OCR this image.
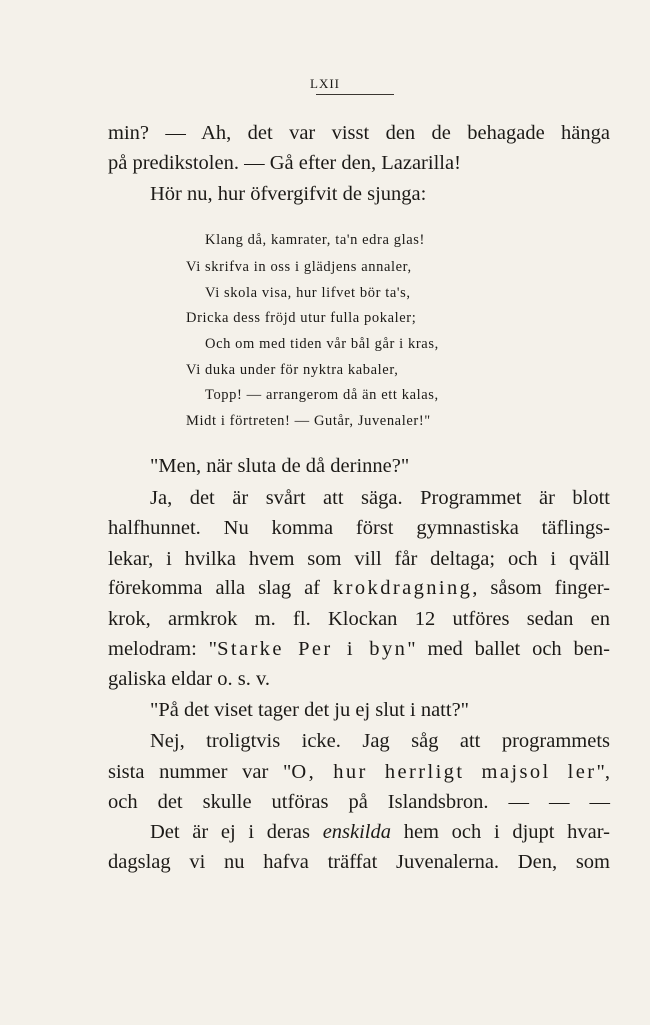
LXII
min? — Ah, det var visst den de behagade hänga
på predikstolen. — Gå efter den, Lazarilla!
Hör nu, hur öfvergifvit de sjunga:
Klang då, kamrater, ta'n edra glas!
Vi skrifva in oss i glädjens annaler,
Vi skola visa, hur lifvet bör ta's,
Dricka dess fröjd utur fulla pokaler;
Och om med tiden vår bål går i kras,
Vi duka under för nyktra kabaler,
Topp! — arrangerom då än ett kalas,
Midt i förtreten! — Gutår, Juvenaler!"
"Men, när sluta de då derinne?"
Ja, det är svårt att säga. Programmet är blott
halfhunnet. Nu komma först gymnastiska täflings-
lekar, i hvilka hvem som vill får deltaga; och i qväll
förekomma alla slag af krokdragning, såsom finger-
krok, armkrok m. fl. Klockan 12 utföres sedan en
melodram: "Starke Per i byn" med ballet och ben-
galiska eldar o. s. v.
"På det viset tager det ju ej slut i natt?"
Nej, troligtvis icke. Jag såg att programmets
sista nummer var "O, hur herrligt majsol ler",
och det skulle utföras på Islandsbron. — — —
Det är ej i deras enskilda hem och i djupt hvar-
dagslag vi nu hafva träffat Juvenalerna. Den, som
